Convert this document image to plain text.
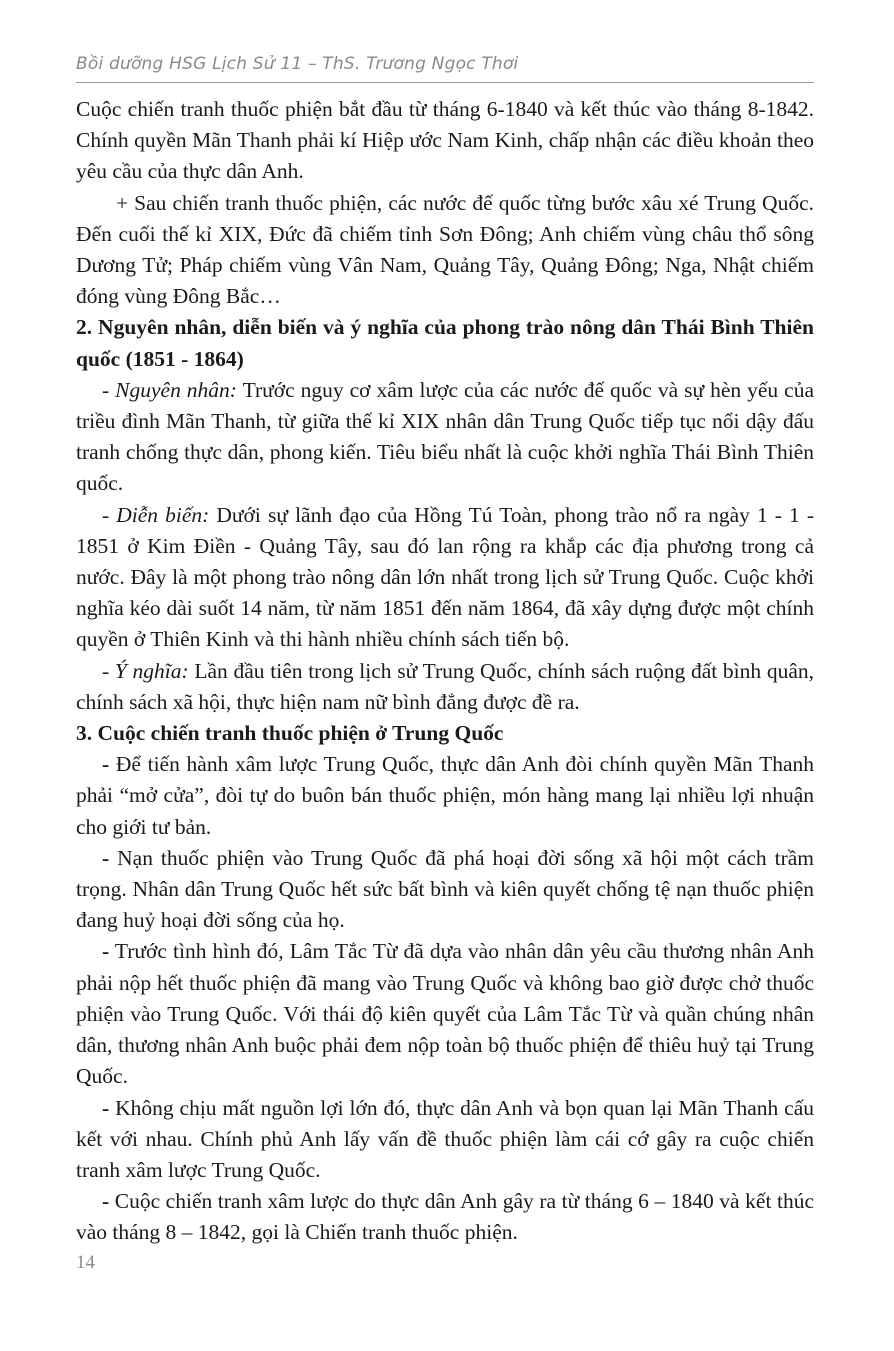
Bồi dưỡng HSG Lịch Sử 11 – ThS. Trương Ngọc Thơi

Cuộc chiến tranh thuốc phiện bắt đầu từ tháng 6-1840 và kết thúc vào tháng 8-1842. Chính quyền Mãn Thanh phải kí Hiệp ước Nam Kinh, chấp nhận các điều khoản theo yêu cầu của thực dân Anh.

+ Sau chiến tranh thuốc phiện, các nước đế quốc từng bước xâu xé Trung Quốc. Đến cuối thế kỉ XIX, Đức đã chiếm tỉnh Sơn Đông; Anh chiếm vùng châu thổ sông Dương Tử; Pháp chiếm vùng Vân Nam, Quảng Tây, Quảng Đông; Nga, Nhật chiếm đóng vùng Đông Bắc…

2. Nguyên nhân, diễn biến và ý nghĩa của phong trào nông dân Thái Bình Thiên quốc (1851 - 1864)

- Nguyên nhân: Trước nguy cơ xâm lược của các nước đế quốc và sự hèn yếu của triều đình Mãn Thanh, từ giữa thế kỉ XIX nhân dân Trung Quốc tiếp tục nổi dậy đấu tranh chống thực dân, phong kiến. Tiêu biểu nhất là cuộc khởi nghĩa Thái Bình Thiên quốc.

- Diễn biến: Dưới sự lãnh đạo của Hồng Tú Toàn, phong trào nổ ra ngày 1 - 1 - 1851 ở Kim Điền - Quảng Tây, sau đó lan rộng ra khắp các địa phương trong cả nước. Đây là một phong trào nông dân lớn nhất trong lịch sử Trung Quốc. Cuộc khởi nghĩa kéo dài suốt 14 năm, từ năm 1851 đến năm 1864, đã xây dựng được một chính quyền ở Thiên Kinh và thi hành nhiều chính sách tiến bộ.

- Ý nghĩa: Lần đầu tiên trong lịch sử Trung Quốc, chính sách ruộng đất bình quân, chính sách xã hội, thực hiện nam nữ bình đẳng được đề ra.

3. Cuộc chiến tranh thuốc phiện ở Trung Quốc

- Để tiến hành xâm lược Trung Quốc, thực dân Anh đòi chính quyền Mãn Thanh phải “mở cửa”, đòi tự do buôn bán thuốc phiện, món hàng mang lại nhiều lợi nhuận cho giới tư bản.

- Nạn thuốc phiện vào Trung Quốc đã phá hoại đời sống xã hội một cách trầm trọng. Nhân dân Trung Quốc hết sức bất bình và kiên quyết chống tệ nạn thuốc phiện đang huỷ hoại đời sống của họ.

- Trước tình hình đó, Lâm Tắc Từ đã dựa vào nhân dân yêu cầu thương nhân Anh phải nộp hết thuốc phiện đã mang vào Trung Quốc và không bao giờ được chở thuốc phiện vào Trung Quốc. Với thái độ kiên quyết của Lâm Tắc Từ và quần chúng nhân dân, thương nhân Anh buộc phải đem nộp toàn bộ thuốc phiện để thiêu huỷ tại Trung Quốc.

- Không chịu mất nguồn lợi lớn đó, thực dân Anh và bọn quan lại Mãn Thanh cấu kết với nhau. Chính phủ Anh lấy vấn đề thuốc phiện làm cái cớ gây ra cuộc chiến tranh xâm lược Trung Quốc.

- Cuộc chiến tranh xâm lược do thực dân Anh gây ra từ tháng 6 – 1840 và kết thúc vào tháng 8 – 1842, gọi là Chiến tranh thuốc phiện.

14
